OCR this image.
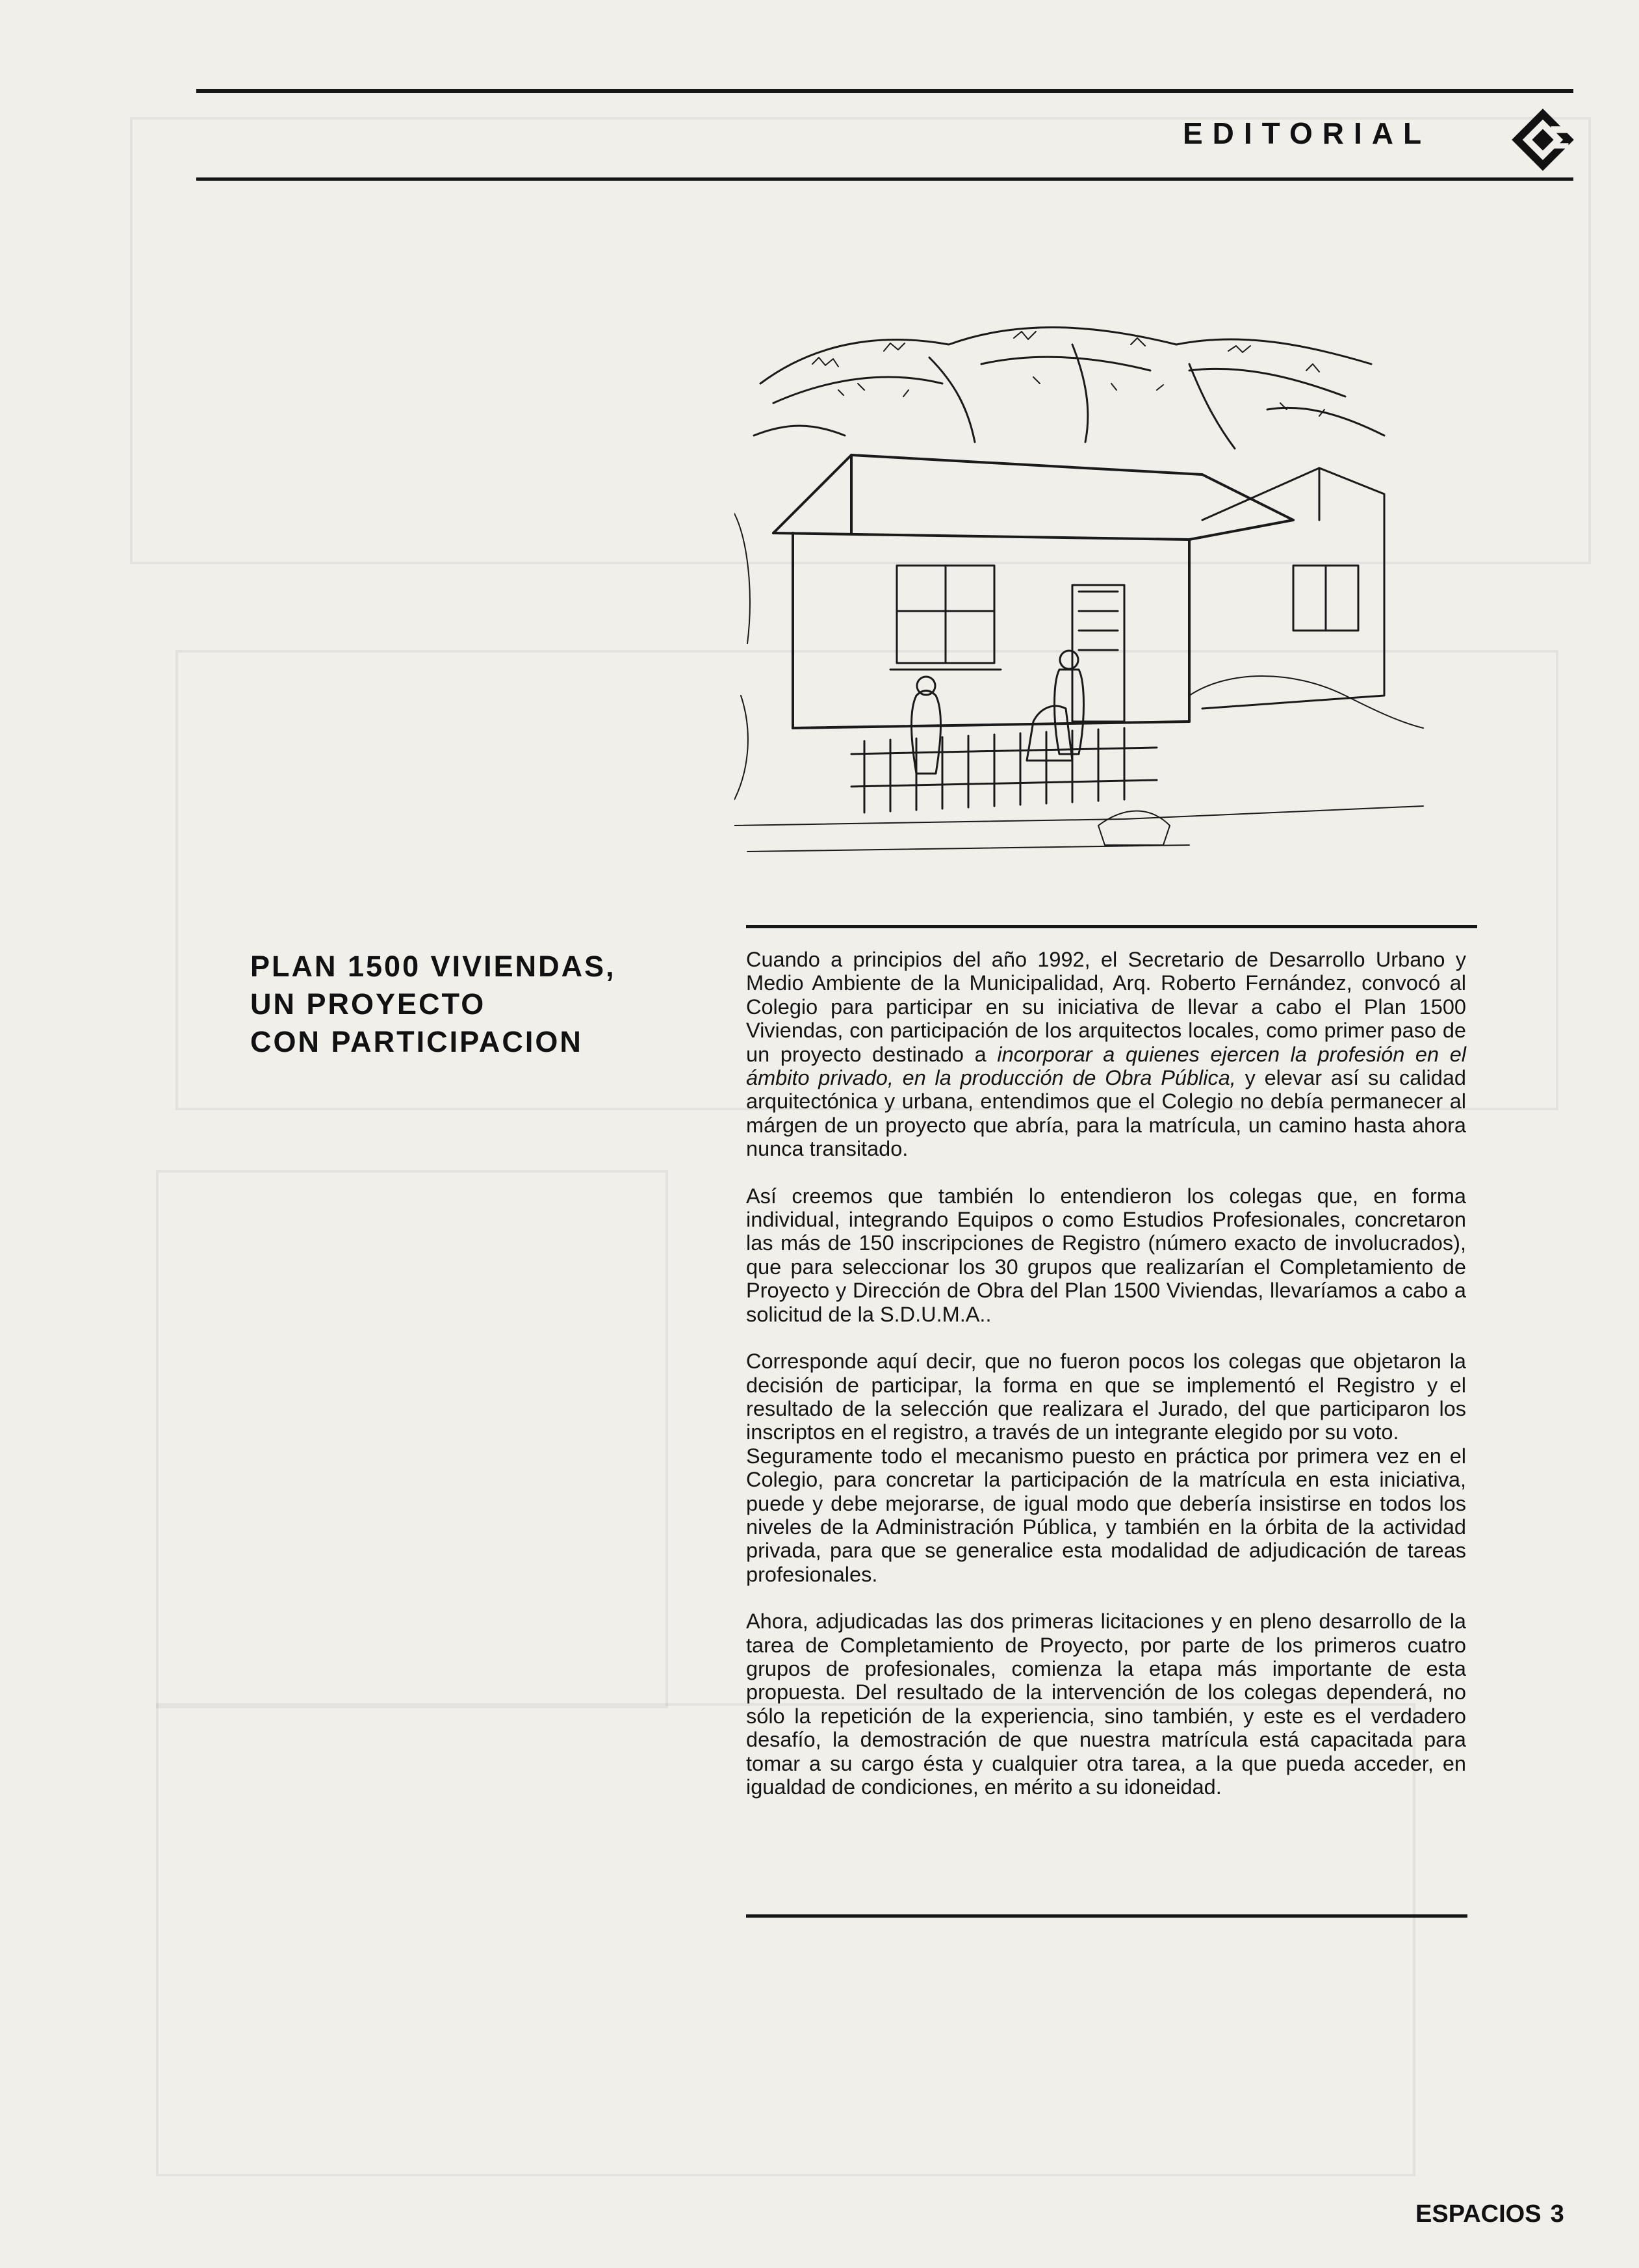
EDITORIAL
PLAN 1500 VIVIENDAS,
UN PROYECTO
CON PARTICIPACION

Cuando a principios del año 1992, el Secretario de Desarrollo Urbano y Medio Ambiente de la Municipalidad, Arq. Roberto Fernández, convocó al Colegio para participar en su iniciativa de llevar a cabo el Plan 1500 Viviendas, con participación de los arquitectos locales, como primer paso de un proyecto destinado a incorporar a quienes ejercen la profesión en el ámbito privado, en la producción de Obra Pública, y elevar así su calidad arquitectónica y urbana, entendimos que el Colegio no debía permanecer al márgen de un proyecto que abría, para la matrícula, un camino hasta ahora nunca transitado.

Así creemos que también lo entendieron los colegas que, en forma individual, integrando Equipos o como Estudios Profesionales, concretaron las más de 150 inscripciones de Registro (número exacto de involucrados), que para seleccionar los 30 grupos que realizarían el Completamiento de Proyecto y Dirección de Obra del Plan 1500 Viviendas, llevaríamos a cabo a solicitud de la S.D.U.M.A..

Corresponde aquí decir, que no fueron pocos los colegas que objetaron la decisión de participar, la forma en que se implementó el Registro y el resultado de la selección que realizara el Jurado, del que participaron los inscriptos en el registro, a través de un integrante elegido por su voto.

Seguramente todo el mecanismo puesto en práctica por primera vez en el Colegio, para concretar la participación de la matrícula en esta iniciativa, puede y debe mejorarse, de igual modo que debería insistirse en todos los niveles de la Administración Pública, y también en la órbita de la actividad privada, para que se generalice esta modalidad de adjudicación de tareas profesionales.

Ahora, adjudicadas las dos primeras licitaciones y en pleno desarrollo de la tarea de Completamiento de Proyecto, por parte de los primeros cuatro grupos de profesionales, comienza la etapa más importante de esta propuesta. Del resultado de la intervención de los colegas dependerá, no sólo la repetición de la experiencia, sino también, y este es el verdadero desafío, la demostración de que nuestra matrícula está capacitada para tomar a su cargo ésta y cualquier otra tarea, a la que pueda acceder, en igualdad de condiciones, en mérito a su idoneidad.

ESPACIOS 3
